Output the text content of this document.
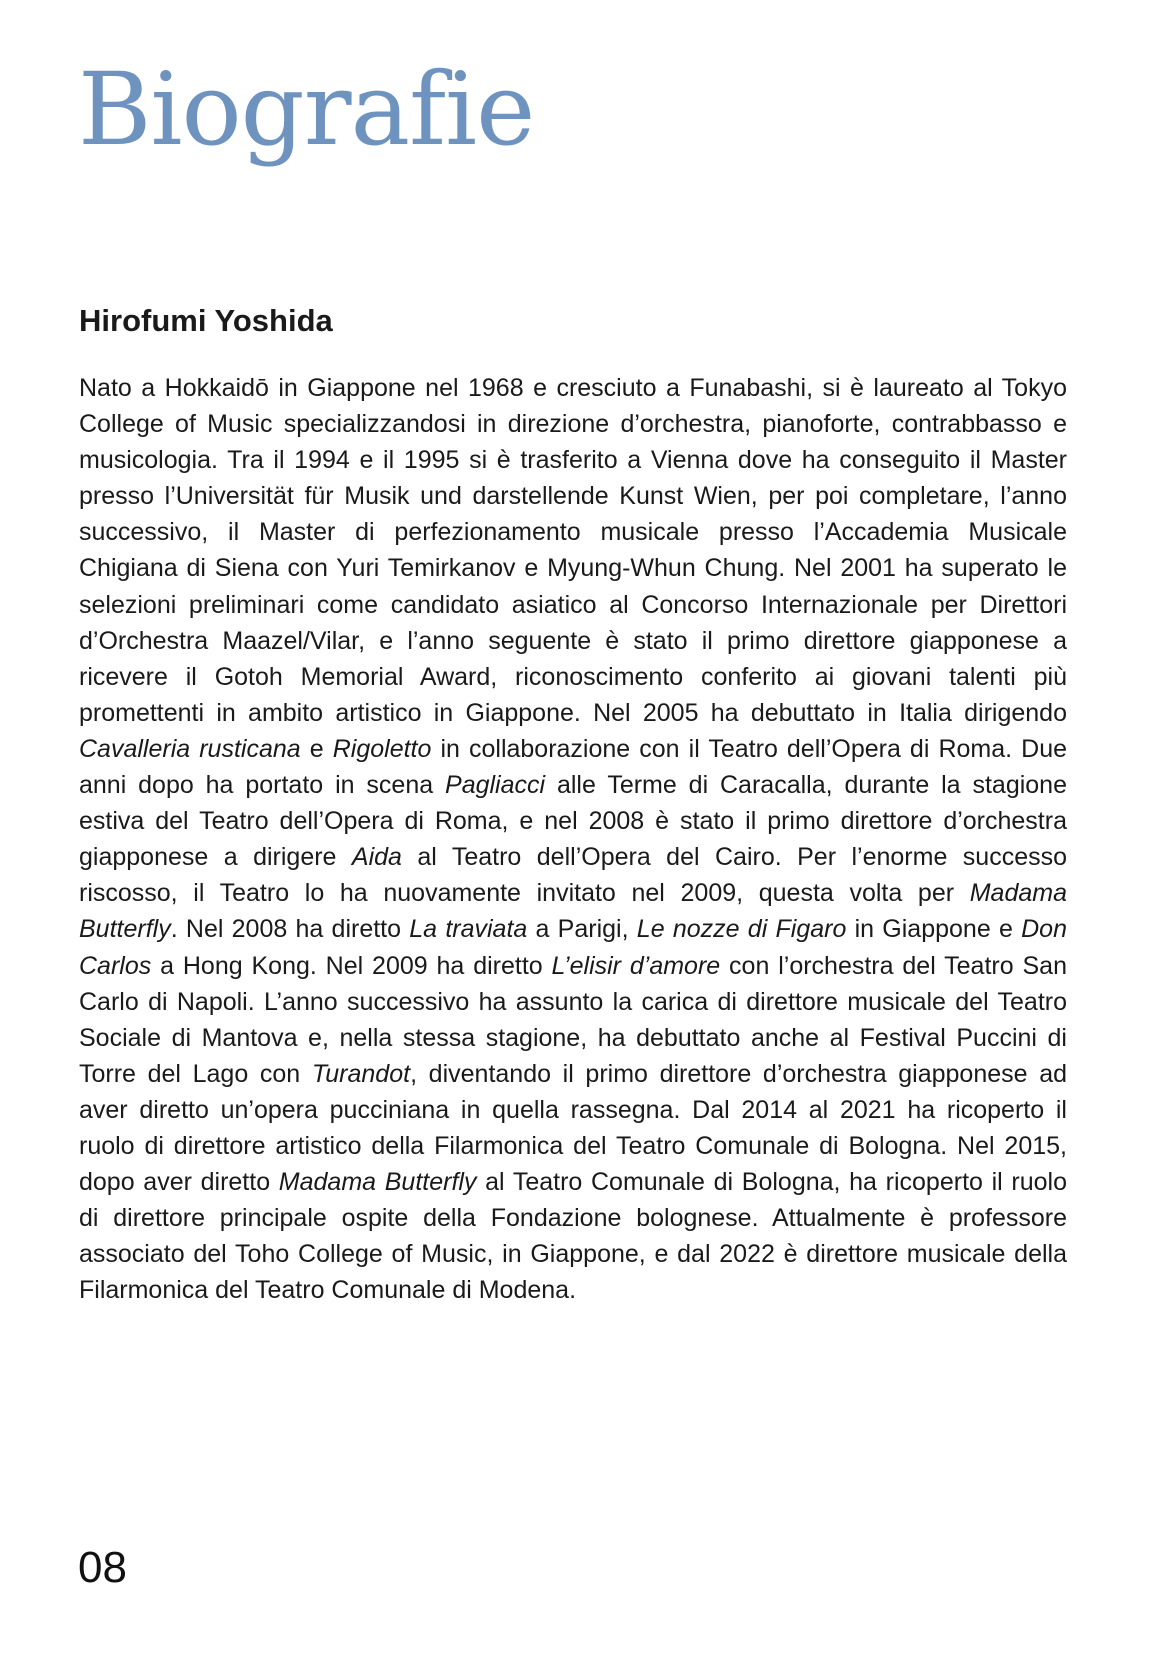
Biografie
Hirofumi Yoshida

Nato a Hokkaidō in Giappone nel 1968 e cresciuto a Funabashi, si è laureato al Tokyo College of Music specializzandosi in direzione d’orchestra, pianoforte, contrabbasso e musicologia. Tra il 1994 e il 1995 si è trasferito a Vienna dove ha conseguito il Master presso l’Universität für Musik und darstellende Kunst Wien, per poi completare, l’anno successivo, il Master di perfezionamento musicale presso l’Accademia Musicale Chigiana di Siena con Yuri Temirkanov e Myung-Whun Chung. Nel 2001 ha superato le selezioni preliminari come candidato asiatico al Concorso Internazionale per Direttori d’Orchestra Maazel/Vilar, e l’anno seguente è stato il primo direttore giapponese a ricevere il Gotoh Memorial Award, riconoscimento conferito ai giovani talenti più promettenti in ambito artistico in Giappone. Nel 2005 ha debuttato in Italia dirigendo Cavalleria rusticana e Rigoletto in collaborazione con il Teatro dell’Opera di Roma. Due anni dopo ha portato in scena Pagliacci alle Terme di Caracalla, durante la stagione estiva del Teatro dell’Opera di Roma, e nel 2008 è stato il primo direttore d’orchestra giapponese a dirigere Aida al Teatro dell’Opera del Cairo. Per l’enorme successo riscosso, il Teatro lo ha nuovamente invitato nel 2009, questa volta per Madama Butterfly. Nel 2008 ha diretto La traviata a Parigi, Le nozze di Figaro in Giappone e Don Carlos a Hong Kong. Nel 2009 ha diretto L’elisir d’amore con l’orchestra del Teatro San Carlo di Napoli. L’anno successivo ha assunto la carica di direttore musicale del Teatro Sociale di Mantova e, nella stessa stagione, ha debuttato anche al Festival Puccini di Torre del Lago con Turandot, diventando il primo direttore d’orchestra giapponese ad aver diretto un’opera pucciniana in quella rassegna. Dal 2014 al 2021 ha ricoperto il ruolo di direttore artistico della Filarmonica del Teatro Comunale di Bologna. Nel 2015, dopo aver diretto Madama Butterfly al Teatro Comunale di Bologna, ha ricoperto il ruolo di direttore principale ospite della Fondazione bolognese. Attualmente è professore associato del Toho College of Music, in Giappone, e dal 2022 è direttore musicale della Filarmonica del Teatro Comunale di Modena.

08
